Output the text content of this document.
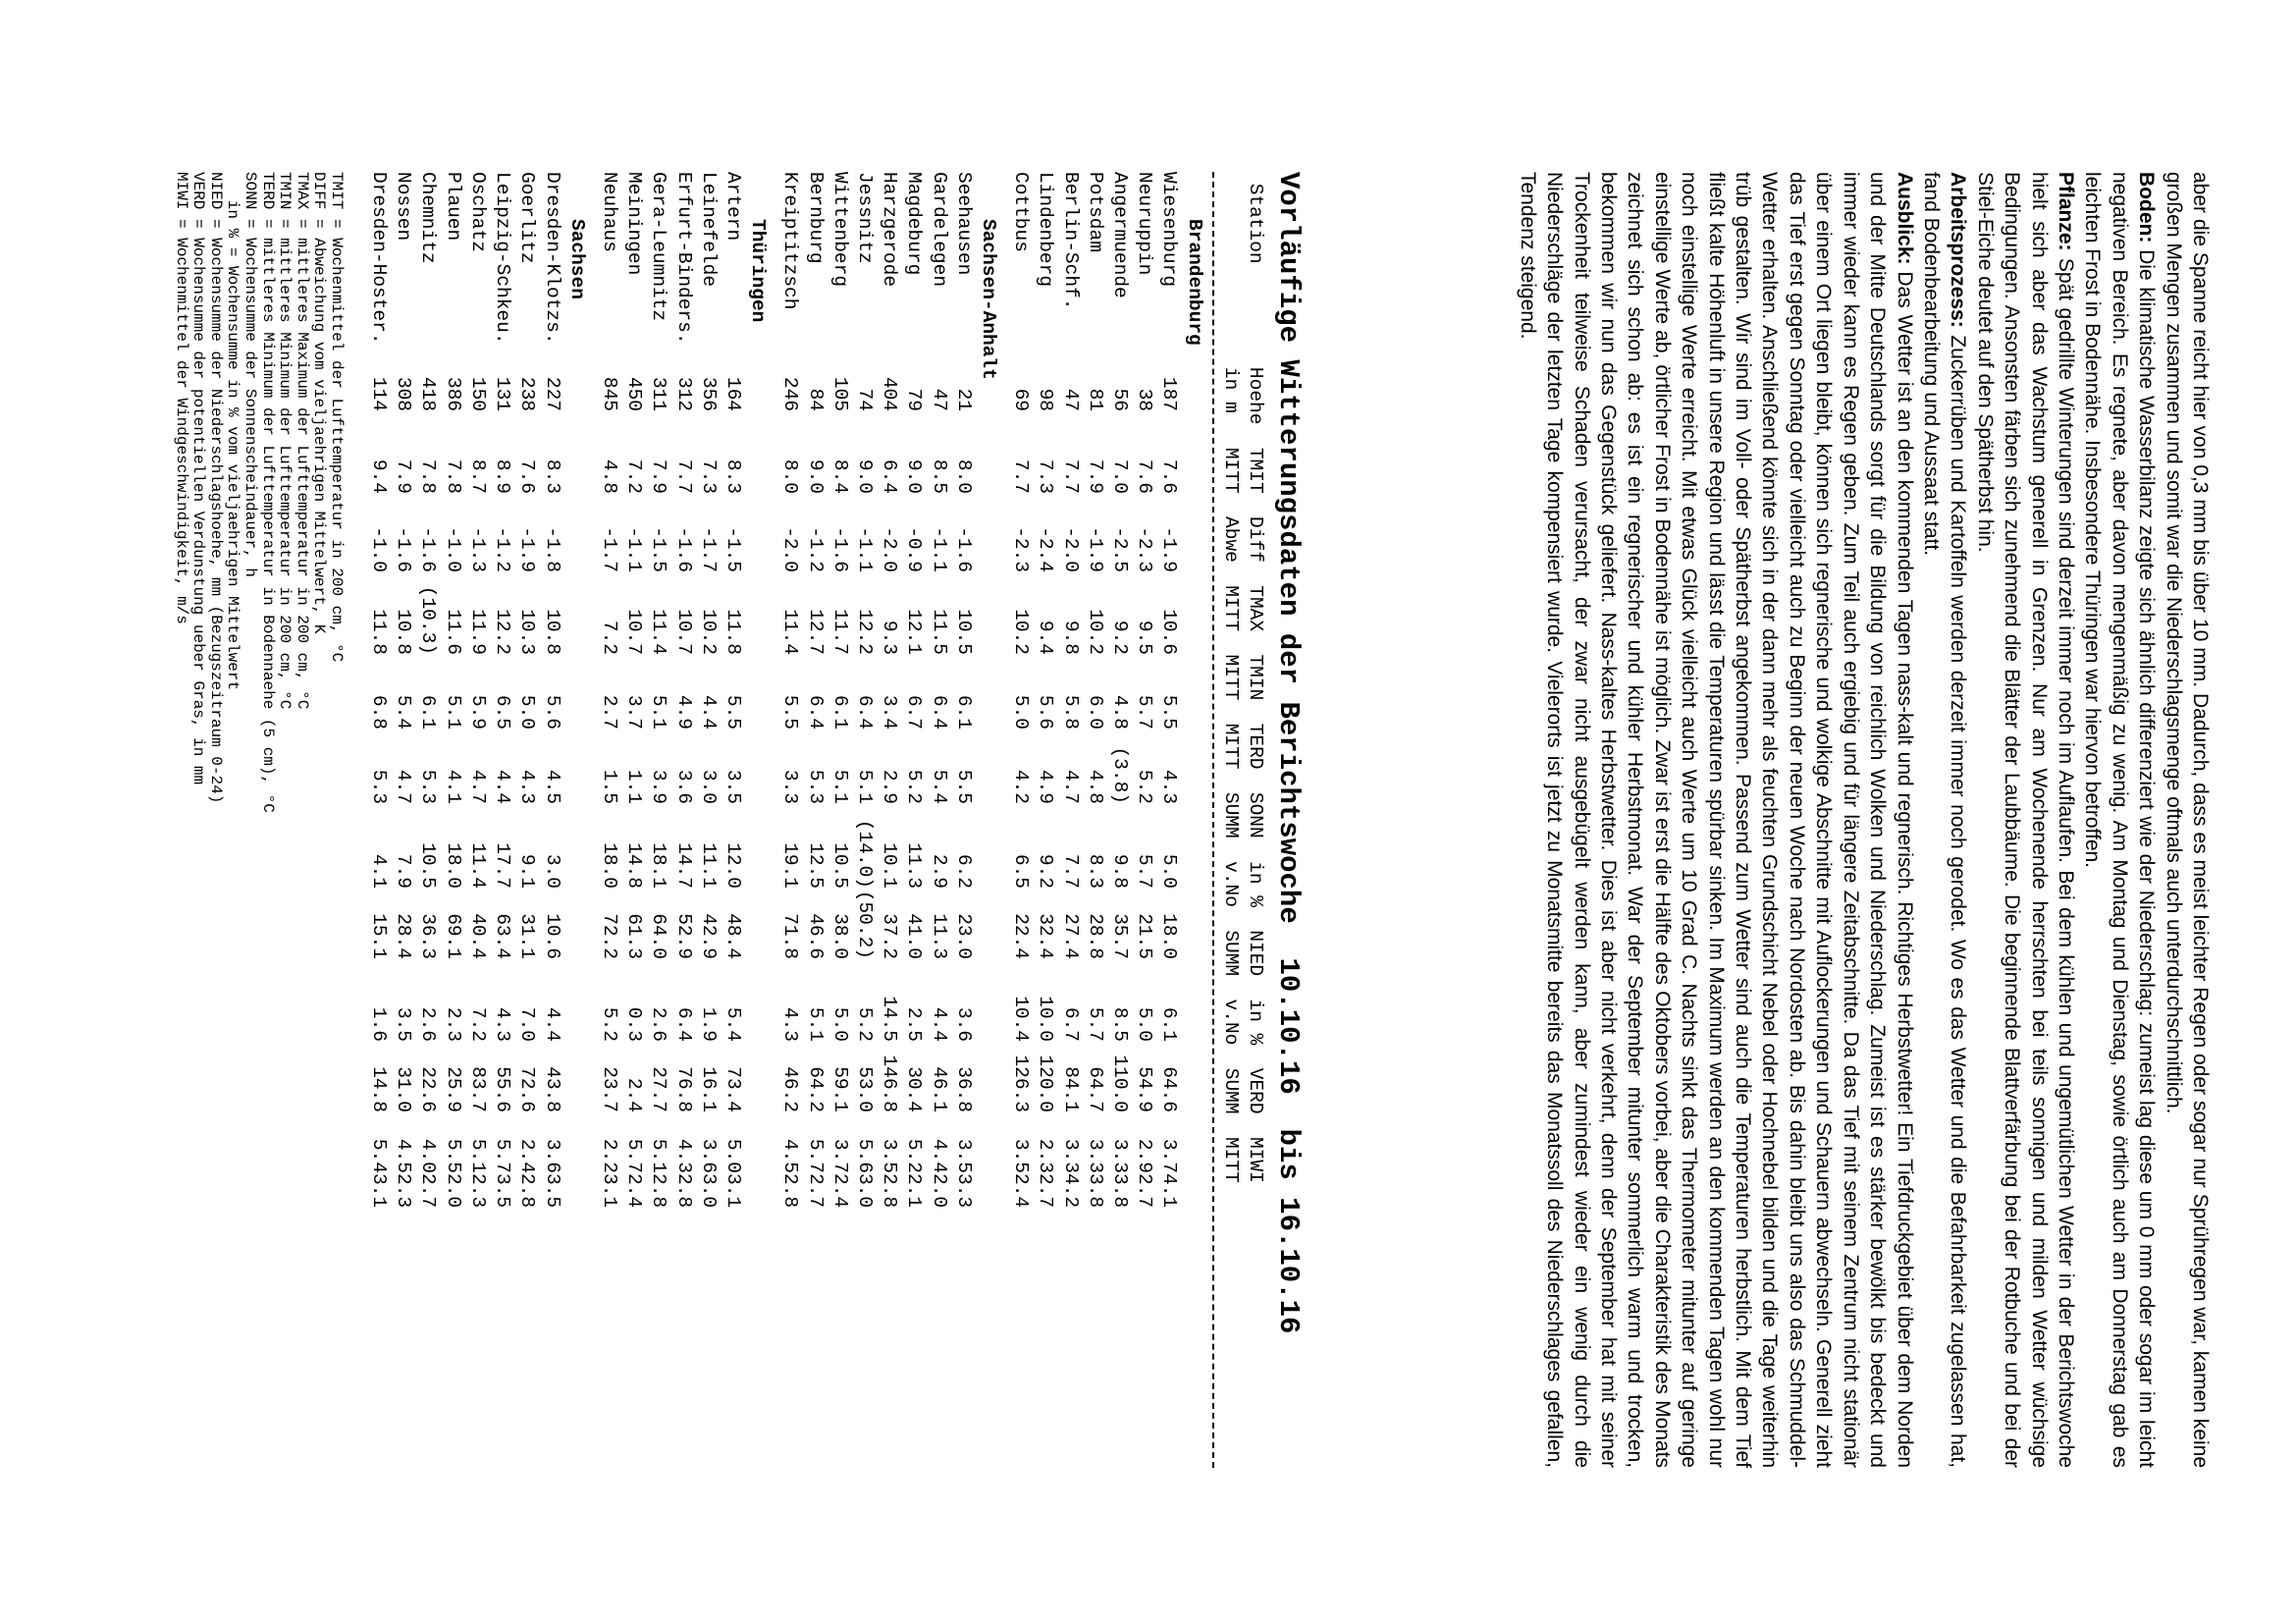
aber die Spanne reicht hier von 0,3 mm bis über 10 mm. Dadurch, dass es meist leichter Regen oder sogar nur Sprühregen war, kamen keine großen Mengen zusammen und somit war die Niederschlagsmenge oftmals auch unterdurchschnittlich.

Boden: Die klimatische Wasserbilanz zeigte sich ähnlich differenziert wie der Niederschlag: zumeist lag diese um 0 mm oder sogar im leicht negativen Bereich. Es regnete, aber davon mengenmäßig zu wenig. Am Montag und Dienstag, sowie örtlich auch am Donnerstag gab es leichten Frost in Bodennähe. Insbesondere Thüringen war hiervon betroffen.

Pflanze: Spät gedrillte Winterungen sind derzeit immer noch im Auflaufen. Bei dem kühlen und ungemütlichen Wetter in der Berichtswoche hielt sich aber das Wachstum generell in Grenzen. Nur am Wochenende herrschten bei teils sonnigen und milden Wetter wüchsige Bedingungen. Ansonsten färben sich zunehmend die Blätter der Laubbäume. Die beginnende Blattverfärbung bei der Rotbuche und bei der Stiel-Eiche deutet auf den Spätherbst hin.

Arbeitsprozess: Zuckerrüben und Kartoffeln werden derzeit immer noch gerodet. Wo es das Wetter und die Befahrbarkeit zugelassen hat, fand Bodenbearbeitung und Aussaat statt.

Ausblick: Das Wetter ist an den kommenden Tagen nass-kalt und regnerisch. Richtiges Herbstwetter! Ein Tiefdruckgebiet über dem Norden und der Mitte Deutschlands sorgt für die Bildung von reichlich Wolken und Niederschlag. Zumeist ist es stärker bewölkt bis bedeckt und immer wieder kann es Regen geben. Zum Teil auch ergiebig und für längere Zeitabschnitte. Da das Tief mit seinem Zentrum nicht stationär über einem Ort liegen bleibt, können sich regnerische und wolkige Abschnitte mit Auflockerungen und Schauern abwechseln. Generell zieht das Tief erst gegen Sonntag oder vielleicht auch zu Beginn der neuen Woche nach Nordosten ab. Bis dahin bleibt uns also das Schmuddel-Wetter erhalten. Anschließend könnte sich in der dann mehr als feuchten Grundschicht Nebel oder Hochnebel bilden und die Tage weiterhin trüb gestalten. Wir sind im Voll- oder Spätherbst angekommen. Passend zum Wetter sind auch die Temperaturen herbstlich. Mit dem Tief fließt kalte Höhenluft in unsere Region und lässt die Temperaturen spürbar sinken. Im Maximum werden an den kommenden Tagen wohl nur noch einstellige Werte erreicht. Mit etwas Glück vielleicht auch Werte um 10 Grad C. Nachts sinkt das Thermometer mitunter auf geringe einstellige Werte ab, örtlicher Frost in Bodennähe ist möglich. Zwar ist erst die Hälfte des Oktobers vorbei, aber die Charakteristik des Monats zeichnet sich schon ab: es ist ein regnerischer und kühler Herbstmonat. War der September mitunter sommerlich warm und trocken, bekommen wir nun das Gegenstück geliefert. Nass-kaltes Herbstwetter. Dies ist aber nicht verkehrt, denn der September hat mit seiner Trockenheit teilweise Schaden verursacht, der zwar nicht ausgebügelt werden kann, aber zumindest wieder ein wenig durch die Niederschläge der letzten Tage kompensiert wurde. Vielerorts ist jetzt zu Monatsmitte bereits das Monatssoll des Niederschlages gefallen, Tendenz steigend.

Vorläufige Witterungsdaten der Berichtswoche  10.10.16  bis 16.10.16
Station         Hoehe  TMIT  Diff  TMAX  TMIN  TERD  SONN  in %  NIED  in %  VERD  MIWI
in m   MITT  Abwe  MITT  MITT  MITT  SUMM  v.No  SUMM  v.No  SUMM  MITT
Brandenburg
Wiesenburg
187
7.6
-1.9
10.6
5.5
4.3
5.0
18.0
6.1
64.6
3.7
4.1
Neuruppin
38
7.6
-2.3
9.5
5.7
5.2
5.7
21.5
5.0
54.9
2.9
2.7
Angermuende
56
7.0
-2.5
9.2
4.8
(3.8)
9.8
35.7
8.5
110.0
3.3
3.8
Potsdam
81
7.9
-1.9
10.2
6.0
4.8
8.3
28.8
5.7
64.7
3.3
3.8
Berlin-Schf.
47
7.7
-2.0
9.8
5.8
4.7
7.7
27.4
6.7
84.1
3.3
4.2
Lindenberg
98
7.3
-2.4
9.4
5.6
4.9
9.2
32.4
10.0
120.0
2.3
2.7
Cottbus
69
7.7
-2.3
10.2
5.0
4.2
6.5
22.4
10.4
126.3
3.5
2.4
Sachsen-Anhalt
Seehausen
21
8.0
-1.6
10.5
6.1
5.5
6.2
23.0
3.6
36.8
3.5
3.3
Gardelegen
47
8.5
-1.1
11.5
6.4
5.4
2.9
11.3
4.4
46.1
4.4
2.0
Magdeburg
79
9.0
-0.9
12.1
6.7
5.2
11.3
41.0
2.5
30.4
5.2
2.1
Harzgerode
404
6.4
-2.0
9.3
3.4
2.9
10.1
37.2
14.5
146.8
3.5
2.8
Jessnitz
74
9.0
-1.1
12.2
6.4
5.1
(14.0)
(50.2)
5.2
53.0
5.6
3.0
Wittenberg
105
8.4
-1.6
11.7
6.1
5.1
10.5
38.0
5.0
59.1
3.7
2.4
Bernburg
84
9.0
-1.2
12.7
6.4
5.3
12.5
46.6
5.1
64.2
5.7
2.7
Kreiptitzsch
246
8.0
-2.0
11.4
5.5
3.3
19.1
71.8
4.3
46.2
4.5
2.8
Thüringen
Artern
164
8.3
-1.5
11.8
5.5
3.5
12.0
48.4
5.4
73.4
5.0
3.1
Leinefelde
356
7.3
-1.7
10.2
4.4
3.0
11.1
42.9
1.9
16.1
3.6
3.0
Erfurt-Binders.
312
7.7
-1.6
10.7
4.9
3.6
14.7
52.9
6.4
76.8
4.3
2.8
Gera-Leumnitz
311
7.9
-1.5
11.4
5.1
3.9
18.1
64.0
2.6
27.7
5.1
2.8
Meiningen
450
7.2
-1.1
10.7
3.7
1.1
14.8
61.3
0.3
2.4
5.7
2.4
Neuhaus
845
4.8
-1.7
7.2
2.7
1.5
18.0
72.2
5.2
23.7
2.2
3.1
Sachsen
Dresden-Klotzs.
227
8.3
-1.8
10.8
5.6
4.5
3.0
10.6
4.4
43.8
3.6
3.5
Goerlitz
238
7.6
-1.9
10.3
5.0
4.3
9.1
31.1
7.0
72.6
2.4
2.8
Leipzig-Schkeu.
131
8.9
-1.2
12.2
6.5
4.4
17.7
63.4
4.3
55.6
5.7
3.5
Oschatz
150
8.7
-1.3
11.9
5.9
4.7
11.4
40.4
7.2
83.7
5.1
2.3
Plauen
386
7.8
-1.0
11.6
5.1
4.1
18.0
69.1
2.3
25.9
5.5
2.0
Chemnitz
418
7.8
-1.6
(10.3)
6.1
5.3
10.5
36.3
2.6
22.6
4.0
2.7
Nossen
308
7.9
-1.6
10.8
5.4
4.7
7.9
28.4
3.5
31.0
4.5
2.3
Dresden-Hoster.
114
9.4
-1.0
11.8
6.8
5.3
4.1
15.1
1.6
14.8
5.4
3.1
TMIT = Wochenmittel der Lufttemperatur in 200 cm, °C
DIFF = Abweichung vom vieljaehrigen Mittelwert, K
TMAX = mittleres Maximum der Lufttemperatur in 200 cm, °C
TMIN = mittleres Minimum der Lufttemperatur in 200 cm, °C
TERD = mittleres Minimum der Lufttemperatur in Bodennaehe (5 cm), °C
SONN = Wochensumme der Sonnenscheindauer, h
in % = Wochensumme in % vom vieljaehrigen Mittelwert
NIED = Wochensumme der Niederschlagshoehe, mm (Bezugszeitraum 0-24)
VERD = Wochensumme der potentiellen Verdunstung ueber Gras, in mm
MIWI = Wochenmittel der Windgeschwindigkeit, m/s
